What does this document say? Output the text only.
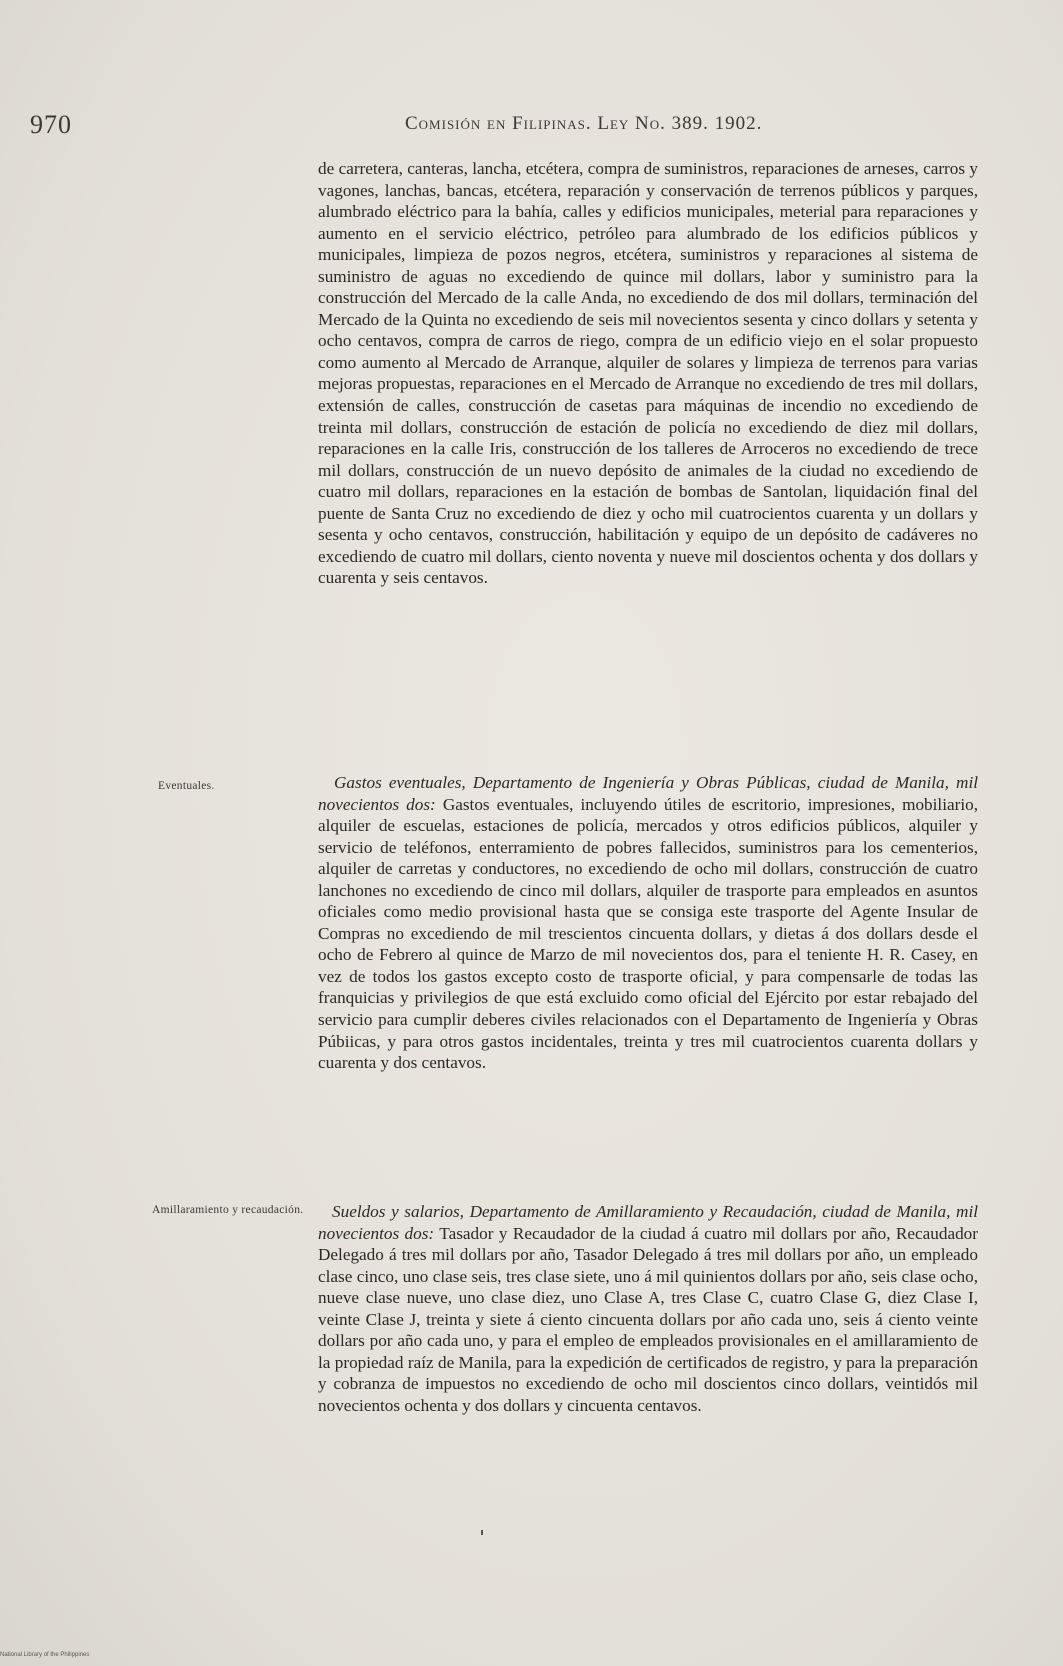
970	Comisión en Filipinas. Ley No. 389. 1902.
de carretera, canteras, lancha, etcétera, compra de suministros, reparaciones de arneses, carros y vagones, lanchas, bancas, etcétera, reparación y conservación de terrenos públicos y parques, alumbrado eléctrico para la bahía, calles y edificios municipales, meterial para reparaciones y aumento en el servicio eléctrico, petróleo para alumbrado de los edificios públicos y municipales, limpieza de pozos negros, etcétera, suministros y reparaciones al sistema de suministro de aguas no excediendo de quince mil dollars, labor y suministro para la construcción del Mercado de la calle Anda, no excediendo de dos mil dollars, terminación del Mercado de la Quinta no excediendo de seis mil novecientos sesenta y cinco dollars y setenta y ocho centavos, compra de carros de riego, compra de un edificio viejo en el solar propuesto como aumento al Mercado de Arranque, alquiler de solares y limpieza de terrenos para varias mejoras propuestas, reparaciones en el Mercado de Arranque no excediendo de tres mil dollars, extensión de calles, construcción de casetas para máquinas de incendio no excediendo de treinta mil dollars, construcción de estación de policía no excediendo de diez mil dollars, reparaciones en la calle Iris, construcción de los talleres de Arroceros no excediendo de trece mil dollars, construcción de un nuevo depósito de animales de la ciudad no excediendo de cuatro mil dollars, reparaciones en la estación de bombas de Santolan, liquidación final del puente de Santa Cruz no excediendo de diez y ocho mil cuatrocientos cuarenta y un dollars y sesenta y ocho centavos, construcción, habilitación y equipo de un depósito de cadáveres no excediendo de cuatro mil dollars, ciento noventa y nueve mil doscientos ochenta y dos dollars y cuarenta y seis centavos.
Eventuales.	Gastos eventuales, Departamento de Ingeniería y Obras Públicas, ciudad de Manila, mil novecientos dos: Gastos eventuales, incluyendo útiles de escritorio, impresiones, mobiliario, alquiler de escuelas, estaciones de policía, mercados y otros edificios públicos, alquiler y servicio de teléfonos, enterramiento de pobres fallecidos, suministros para los cementerios, alquiler de carretas y conductores, no excediendo de ocho mil dollars, construcción de cuatro lanchones no excediendo de cinco mil dollars, alquiler de trasporte para empleados en asuntos oficiales como medio provisional hasta que se consiga este trasporte del Agente Insular de Compras no excediendo de mil trescientos cincuenta dollars, y dietas á dos dollars desde el ocho de Febrero al quince de Marzo de mil novecientos dos, para el teniente H. R. Casey, en vez de todos los gastos excepto costo de trasporte oficial, y para compensarle de todas las franquicias y privilegios de que está excluido como oficial del Ejército por estar rebajado del servicio para cumplir deberes civiles relacionados con el Departamento de Ingeniería y Obras Púbiicas, y para otros gastos incidentales, treinta y tres mil cuatrocientos cuarenta dollars y cuarenta y dos centavos.
Amillaramiento y recaudación.	Sueldos y salarios, Departamento de Amillaramiento y Recaudación, ciudad de Manila, mil novecientos dos: Tasador y Recaudador de la ciudad á cuatro mil dollars por año, Recaudador Delegado á tres mil dollars por año, Tasador Delegado á tres mil dollars por año, un empleado clase cinco, uno clase seis, tres clase siete, uno á mil quinientos dollars por año, seis clase ocho, nueve clase nueve, uno clase diez, uno Clase A, tres Clase C, cuatro Clase G, diez Clase I, veinte Clase J, treinta y siete á ciento cincuenta dollars por año cada uno, seis á ciento veinte dollars por año cada uno, y para el empleo de empleados provisionales en el amillaramiento de la propiedad raíz de Manila, para la expedición de certificados de registro, y para la preparación y cobranza de impuestos no excediendo de ocho mil doscientos cinco dollars, veintidós mil novecientos ochenta y dos dollars y cincuenta centavos.
National Library of the Philippines
